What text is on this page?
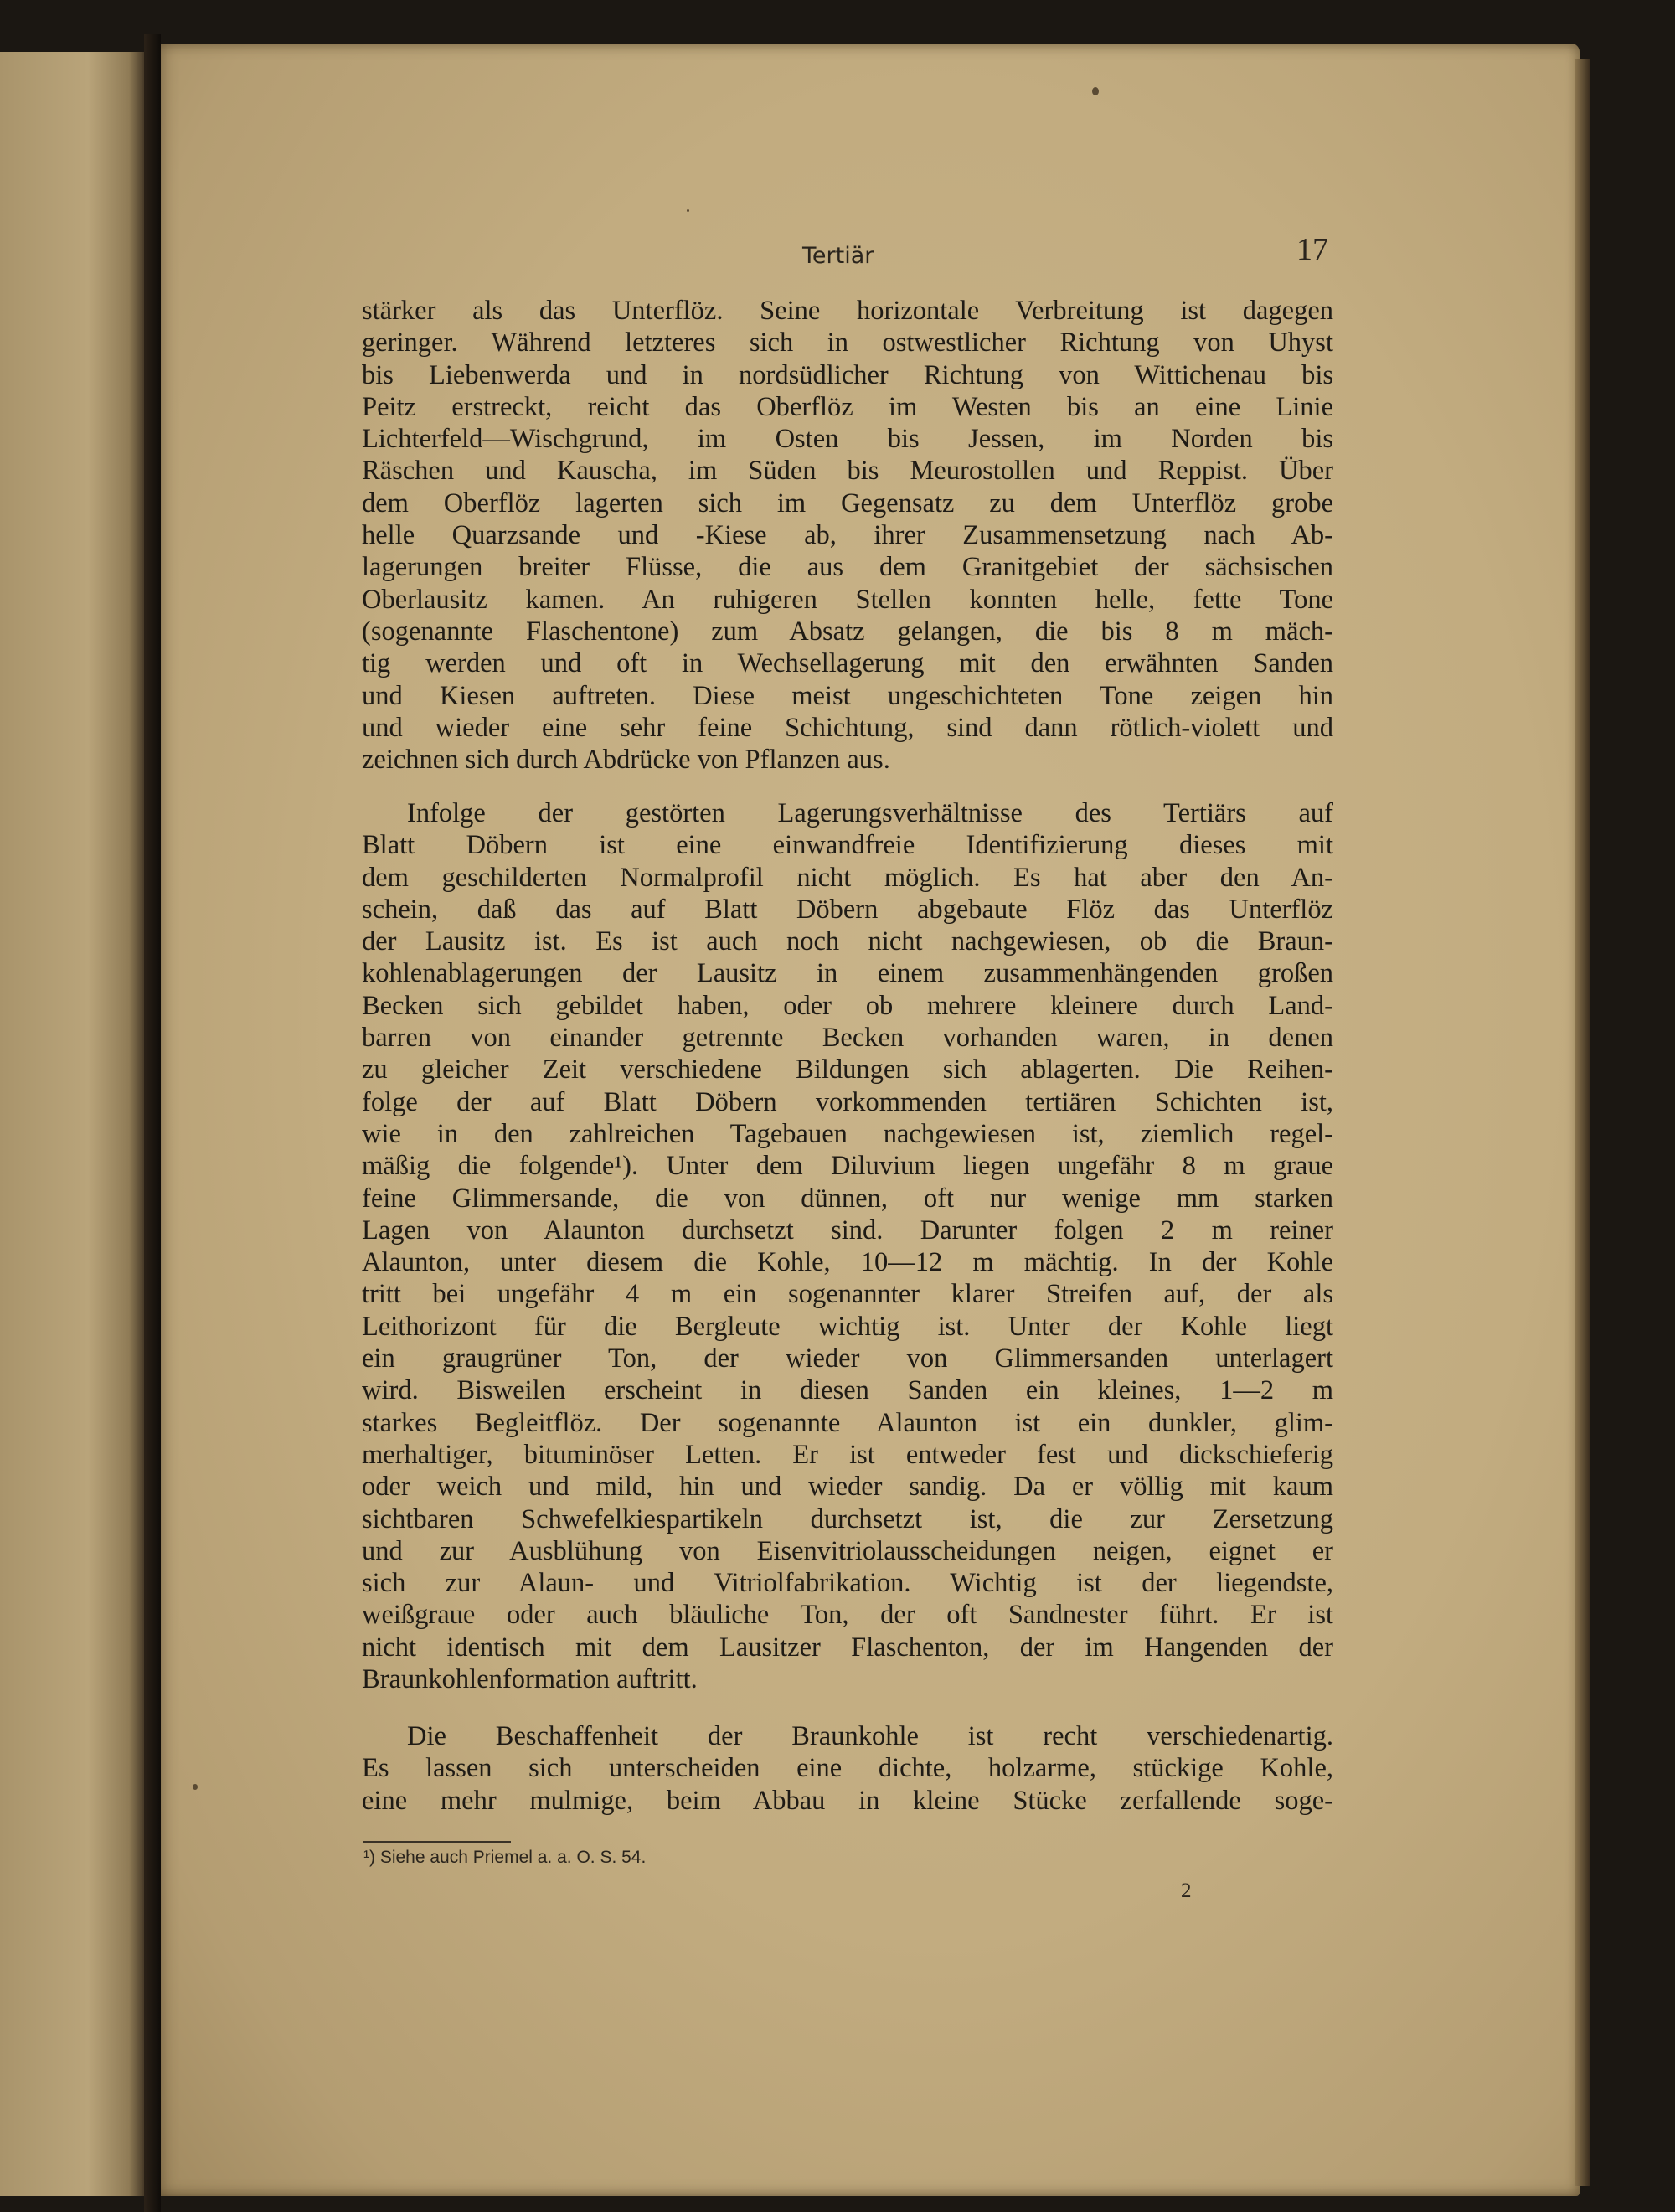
Tertiär	17
stärker als das Unterflöz. Seine horizontale Verbreitung ist dagegen
geringer. Während letzteres sich in ostwestlicher Richtung von Uhyst
bis Liebenwerda und in nordsüdlicher Richtung von Wittichenau bis
Peitz erstreckt, reicht das Oberflöz im Westen bis an eine Linie
Lichterfeld—Wischgrund, im Osten bis Jessen, im Norden bis
Räschen und Kauscha, im Süden bis Meurostollen und Reppist. Über
dem Oberflöz lagerten sich im Gegensatz zu dem Unterflöz grobe
helle Quarzsande und -Kiese ab, ihrer Zusammensetzung nach Ab-
lagerungen breiter Flüsse, die aus dem Granitgebiet der sächsischen
Oberlausitz kamen. An ruhigeren Stellen konnten helle, fette Tone
(sogenannte Flaschentone) zum Absatz gelangen, die bis 8 m mäch-
tig werden und oft in Wechsellagerung mit den erwähnten Sanden
und Kiesen auftreten. Diese meist ungeschichteten Tone zeigen hin
und wieder eine sehr feine Schichtung, sind dann rötlich-violett und
zeichnen sich durch Abdrücke von Pflanzen aus.
Infolge der gestörten Lagerungsverhältnisse des Tertiärs auf
Blatt Döbern ist eine einwandfreie Identifizierung dieses mit
dem geschilderten Normalprofil nicht möglich. Es hat aber den An-
schein, daß das auf Blatt Döbern abgebaute Flöz das Unterflöz
der Lausitz ist. Es ist auch noch nicht nachgewiesen, ob die Braun-
kohlenablagerungen der Lausitz in einem zusammenhängenden großen
Becken sich gebildet haben, oder ob mehrere kleinere durch Land-
barren von einander getrennte Becken vorhanden waren, in denen
zu gleicher Zeit verschiedene Bildungen sich ablagerten. Die Reihen-
folge der auf Blatt Döbern vorkommenden tertiären Schichten ist,
wie in den zahlreichen Tagebauen nachgewiesen ist, ziemlich regel-
mäßig die folgende¹). Unter dem Diluvium liegen ungefähr 8 m graue
feine Glimmersande, die von dünnen, oft nur wenige mm starken
Lagen von Alaunton durchsetzt sind. Darunter folgen 2 m reiner
Alaunton, unter diesem die Kohle, 10—12 m mächtig. In der Kohle
tritt bei ungefähr 4 m ein sogenannter klarer Streifen auf, der als
Leithorizont für die Bergleute wichtig ist. Unter der Kohle liegt
ein graugrüner Ton, der wieder von Glimmersanden unterlagert
wird. Bisweilen erscheint in diesen Sanden ein kleines, 1—2 m
starkes Begleitflöz. Der sogenannte Alaunton ist ein dunkler, glim-
merhaltiger, bituminöser Letten. Er ist entweder fest und dickschieferig
oder weich und mild, hin und wieder sandig. Da er völlig mit kaum
sichtbaren Schwefelkiespartikeln durchsetzt ist, die zur Zersetzung
und zur Ausblühung von Eisenvitriolausscheidungen neigen, eignet er
sich zur Alaun- und Vitriolfabrikation. Wichtig ist der liegendste,
weißgraue oder auch bläuliche Ton, der oft Sandnester führt. Er ist
nicht identisch mit dem Lausitzer Flaschenton, der im Hangenden der
Braunkohlenformation auftritt.
Die Beschaffenheit der Braunkohle ist recht verschiedenartig.
Es lassen sich unterscheiden eine dichte, holzarme, stückige Kohle,
eine mehr mulmige, beim Abbau in kleine Stücke zerfallende soge-
¹) Siehe auch Priemel a. a. O. S. 54.
2
